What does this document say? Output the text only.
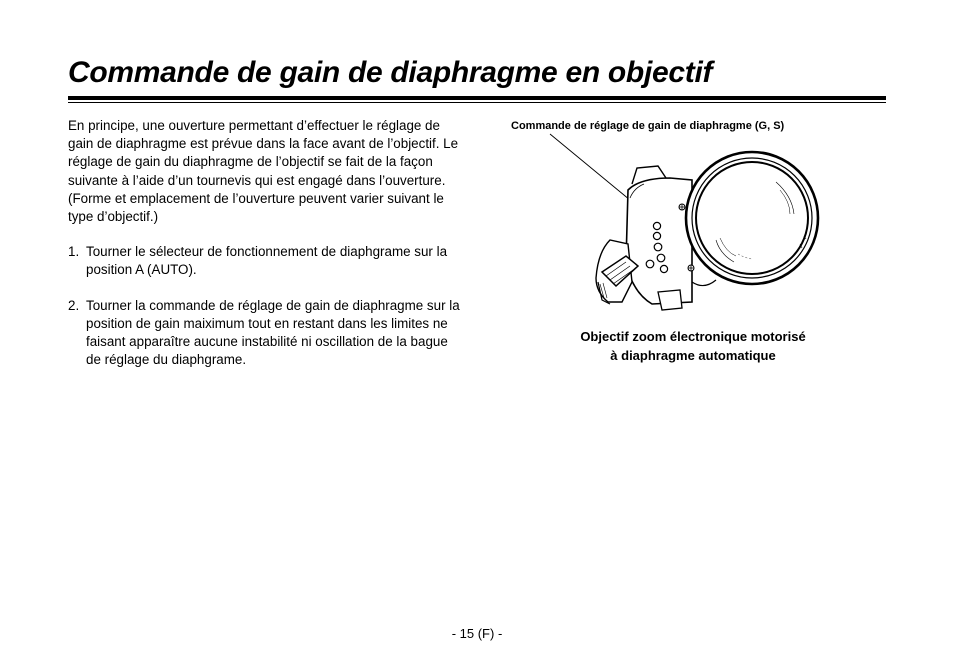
Commande de gain de diaphragme en objectif

En principe, une ouverture permettant d’effectuer le réglage de gain de diaphragme est prévue dans la face avant de l’objectif. Le réglage de gain du diaphragme de l’objectif se fait de la façon suivante à l’aide d’un tournevis qui est engagé dans l’ouverture. (Forme et emplacement de l’ouverture peuvent varier suivant le type d’objectif.)

1. Tourner le sélecteur de fonctionnement de diaphgrame sur la position A (AUTO).
2. Tourner la commande de réglage de gain de diaphragme sur la position de gain maiximum tout en restant dans les limites ne faisant apparaître aucune instabilité ni oscillation de la bague de réglage du diaphgrame.
Commande de réglage de gain de diaphragme (G, S)
Objectif zoom électronique motorisé
à diaphragme automatique
- 15 (F) -
